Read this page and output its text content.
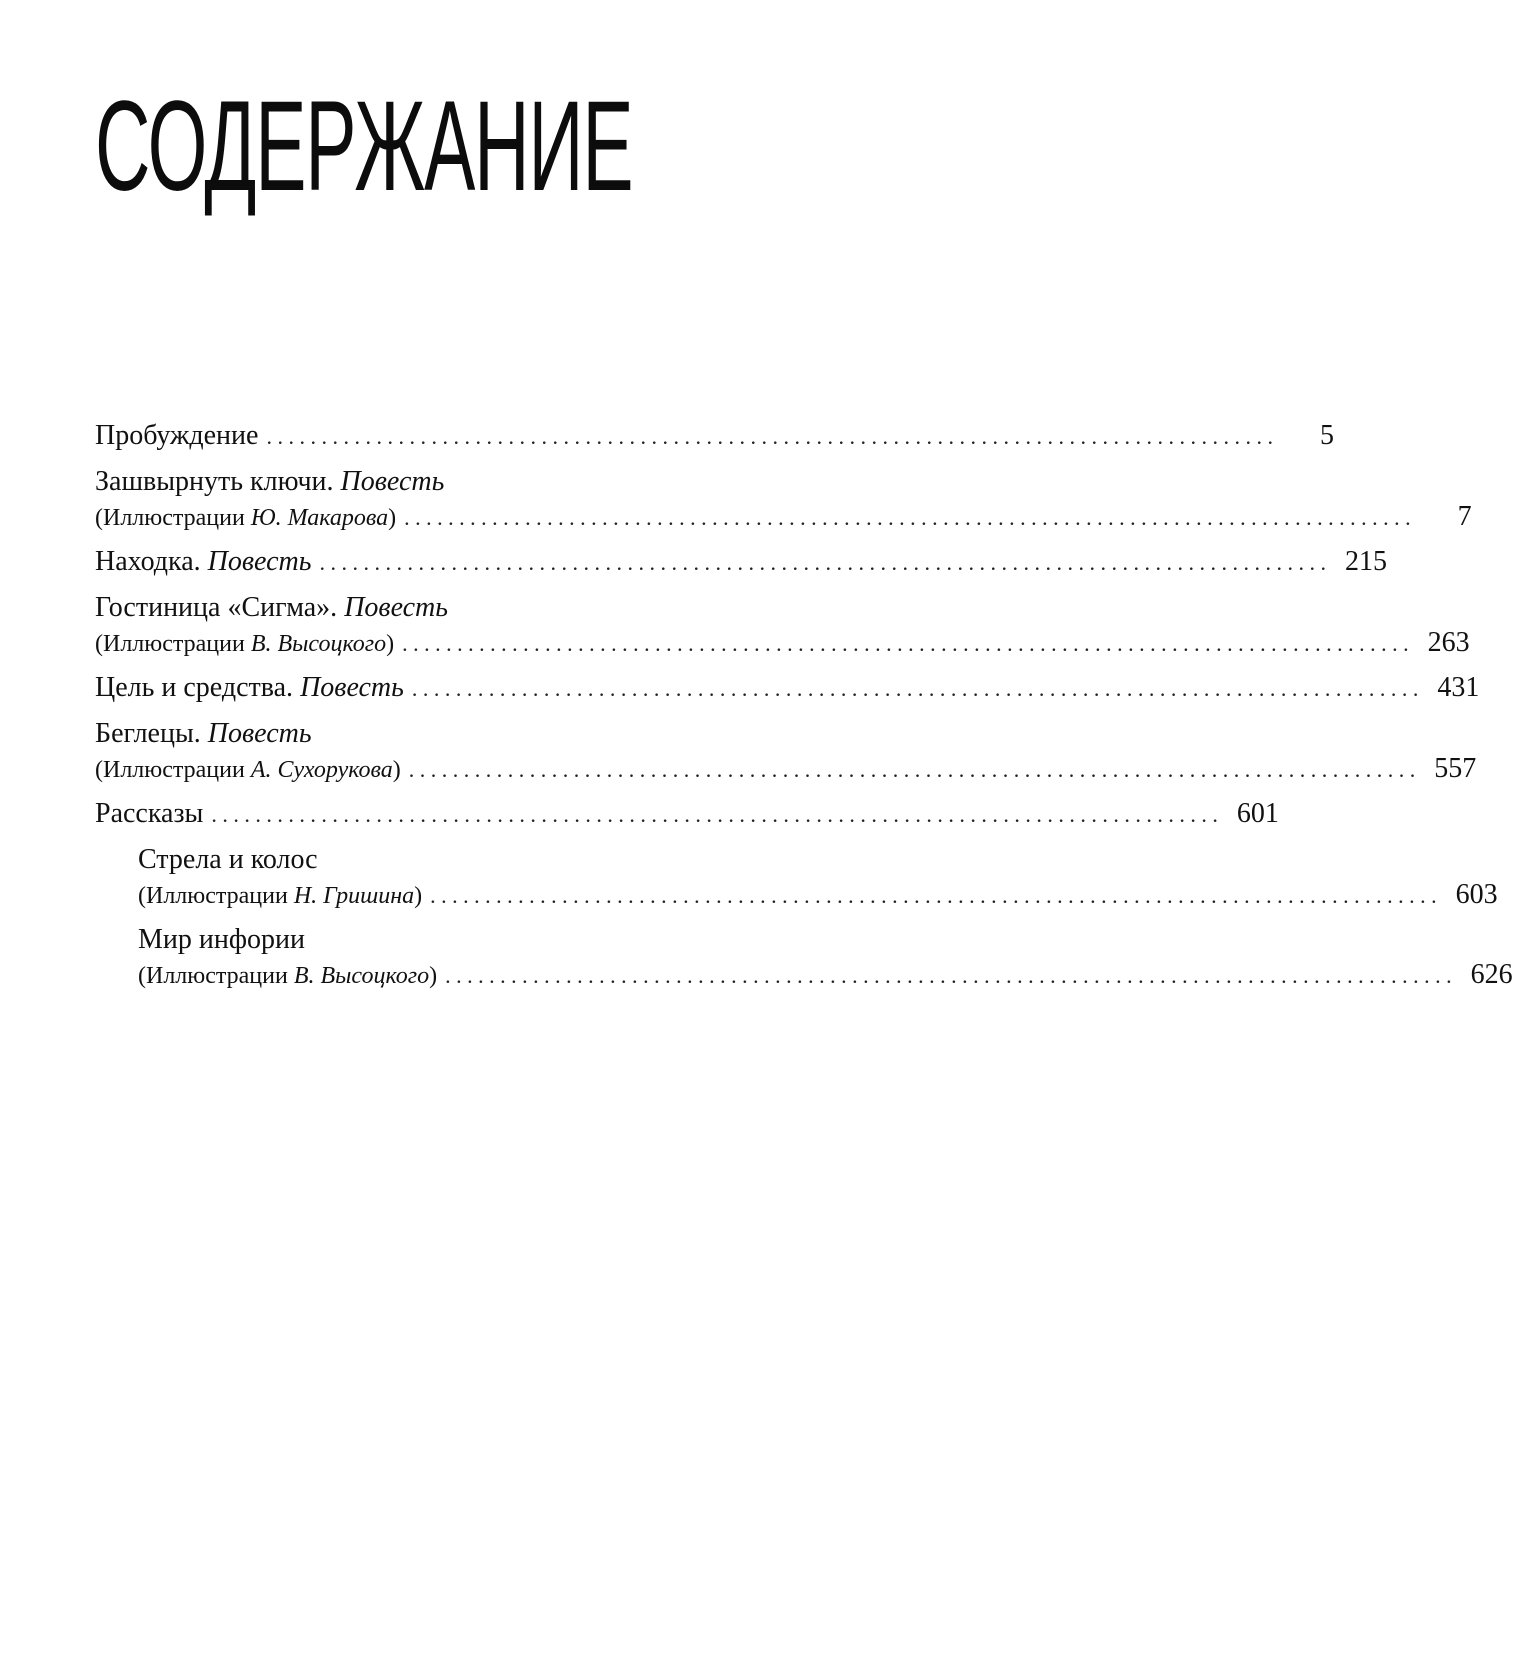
СОДЕРЖАНИЕ
Пробуждение . . .	5
Зашвырнуть ключи. Повесть
(Иллюстрации Ю. Макарова) . . .	7
Находка. Повесть . . .	215
Гостиница «Сигма». Повесть
(Иллюстрации В. Высоцкого) . . .	263
Цель и средства. Повесть . . .	431
Беглецы. Повесть
(Иллюстрации А. Сухорукова) . . .	557
Рассказы . . .	601
Стрела и колос
(Иллюстрации Н. Гришина) . . .	603
Мир инфории
(Иллюстрации В. Высоцкого) . . .	626
